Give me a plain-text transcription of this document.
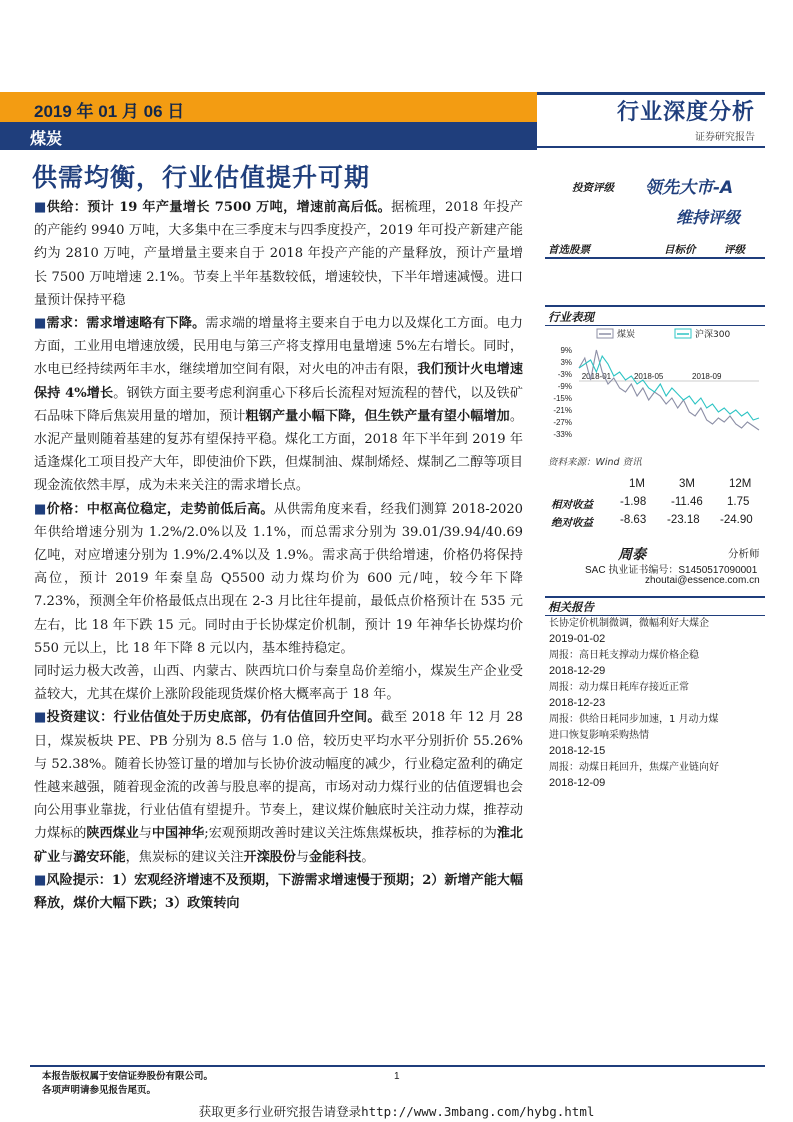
2019 年 01 月 06 日
煤炭
行业深度分析
证券研究报告
供需均衡，行业估值提升可期

■供给：预计 19 年产量增长 7500 万吨，增速前高后低。据梳理，2018 年投产的产能约 9940 万吨，大多集中在三季度末与四季度投产，2019 年可投产新建产能约为 2810 万吨，产量增量主要来自于 2018 年投产产能的产量释放，预计产量增长 7500 万吨增速 2.1%。节奏上半年基数较低，增速较快，下半年增速减慢。进口量预计保持平稳

■需求：需求增速略有下降。需求端的增量将主要来自于电力以及煤化工方面。电力方面，工业用电增速放缓，民用电与第三产将支撑用电量增速 5%左右增长。同时，水电已经持续两年丰水，继续增加空间有限，对火电的冲击有限，我们预计火电增速保持 4%增长。钢铁方面主要考虑利润重心下移后长流程对短流程的替代，以及铁矿石品味下降后焦炭用量的增加，预计粗钢产量小幅下降，但生铁产量有望小幅增加。水泥产量则随着基建的复苏有望保持平稳。煤化工方面，2018 年下半年到 2019 年适逢煤化工项目投产大年，即使油价下跌，但煤制油、煤制烯烃、煤制乙二醇等项目现金流依然丰厚，成为未来关注的需求增长点。

■价格：中枢高位稳定，走势前低后高。从供需角度来看，经我们测算 2018-2020 年供给增速分别为 1.2%/2.0%以及 1.1%，而总需求分别为 39.01/39.94/40.69 亿吨，对应增速分别为 1.9%/2.4%以及 1.9%。需求高于供给增速，价格仍将保持高位，预计 2019 年秦皇岛 Q5500 动力煤均价为 600 元/吨，较今年下降 7.23%，预测全年价格最低点出现在 2-3 月比往年提前，最低点价格预计在 535 元左右，比 18 年下跌 15 元。同时由于长协煤定价机制，预计 19 年神华长协煤均价 550 元以上，比 18 年下降 8 元以内，基本维持稳定。

同时运力极大改善，山西、内蒙古、陕西坑口价与秦皇岛价差缩小，煤炭生产企业受益较大，尤其在煤价上涨阶段能现货煤价格大概率高于 18 年。

■投资建议：行业估值处于历史底部，仍有估值回升空间。截至 2018 年 12 月 28 日，煤炭板块 PE、PB 分别为 8.5 倍与 1.0 倍，较历史平均水平分别折价 55.26%与 52.38%。随着长协签订量的增加与长协价波动幅度的减少，行业稳定盈利的确定性越来越强，随着现金流的改善与股息率的提高，市场对动力煤行业的估值逻辑也会向公用事业靠拢，行业估值有望提升。节奏上，建议煤价触底时关注动力煤，推荐动力煤标的陕西煤业与中国神华;宏观预期改善时建议关注炼焦煤板块，推荐标的为淮北矿业与潞安环能，焦炭标的建议关注开滦股份与金能科技。

■风险提示：1）宏观经济增速不及预期，下游需求增速慢于预期；2）新增产能大幅释放，煤价大幅下跌；3）政策转向

投资评级 领先大市-A
维持评级
首选股票	目标价	评级
行业表现
煤炭	沪深300
9%
3%
-3%
-9%
-15%
-21%
-27%
-33%
2018-01	2018-05	2018-09
资料来源：Wind 资讯
1M	3M	12M
相对收益 -1.98 -11.46 1.75
绝对收益 -8.63 -23.18 -24.90
周泰	分析师
SAC 执业证书编号：S1450517090001
zhoutai@essence.com.cn
相关报告
长协定价机制微调，微幅利好大煤企
2019-01-02
周报：高日耗支撑动力煤价格企稳
2018-12-29
周报：动力煤日耗库存接近正常
2018-12-23
周报：供给日耗同步加速，1 月动力煤
进口恢复影响采购热情
2018-12-15
周报：动煤日耗回升，焦煤产业链向好
2018-12-09
本报告版权属于安信证券股份有限公司。
各项声明请参见报告尾页。
1
获取更多行业研究报告请登录http://www.3mbang.com/hybg.html
